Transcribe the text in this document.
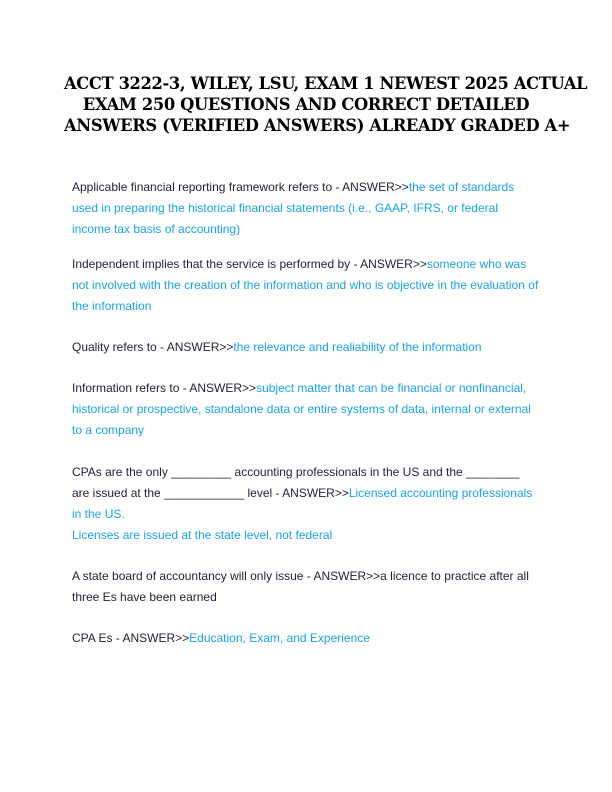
ACCT 3222-3, WILEY, LSU, EXAM 1 NEWEST 2025 ACTUAL
EXAM 250 QUESTIONS AND CORRECT DETAILED
ANSWERS (VERIFIED ANSWERS) ALREADY GRADED A+
Applicable financial reporting framework refers to - ANSWER>>the set of standards
used in preparing the historical financial statements (i.e., GAAP, IFRS, or federal
income tax basis of accounting)
Independent implies that the service is performed by - ANSWER>>someone who was
not involved with the creation of the information and who is objective in the evaluation of
the information
Quality refers to - ANSWER>>the relevance and realiability of the information
Information refers to - ANSWER>>subject matter that can be financial or nonfinancial,
historical or prospective, standalone data or entire systems of data, internal or external
to a company
CPAs are the only _________ accounting professionals in the US and the ________
are issued at the ____________ level - ANSWER>>Licensed accounting professionals
in the US.
Licenses are issued at the state level, not federal
A state board of accountancy will only issue - ANSWER>>a licence to practice after all
three Es have been earned
CPA Es - ANSWER>>Education, Exam, and Experience
